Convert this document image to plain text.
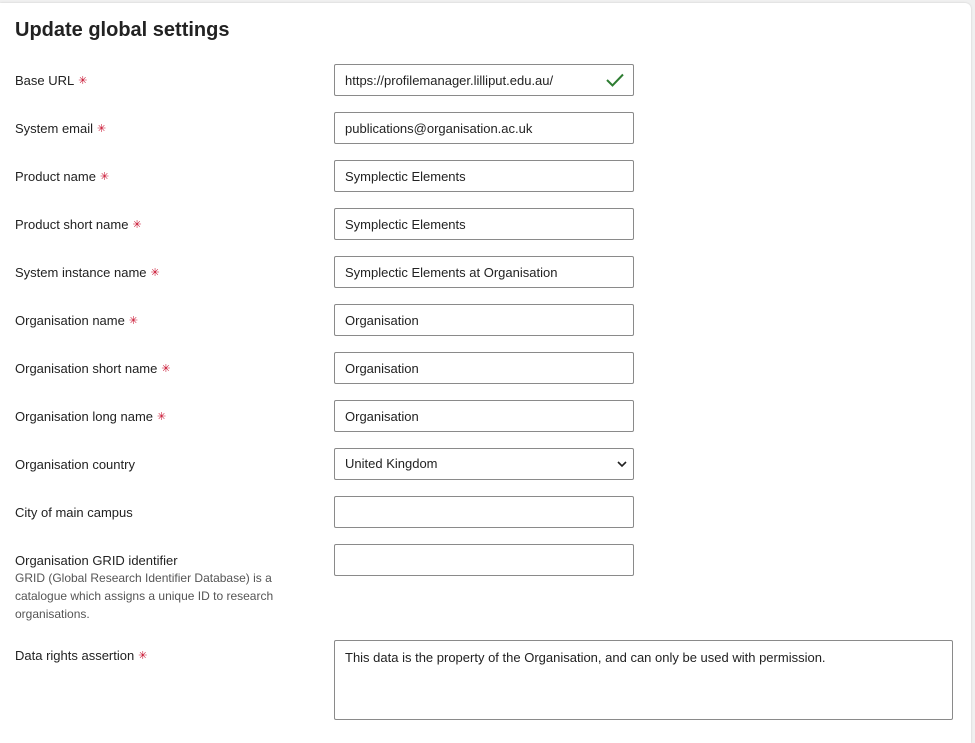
Update global settings
Base URL ✳
https://profilemanager.lilliput.edu.au/
System email ✳
publications@organisation.ac.uk
Product name ✳
Symplectic Elements
Product short name ✳
Symplectic Elements
System instance name ✳
Symplectic Elements at Organisation
Organisation name ✳
Organisation
Organisation short name ✳
Organisation
Organisation long name ✳
Organisation
Organisation country	United Kingdom
City of main campus
Organisation GRID identifier
GRID (Global Research Identifier Database) is a catalogue which assigns a unique ID to research organisations.
Data rights assertion ✳
This data is the property of the Organisation, and can only be used with permission.
